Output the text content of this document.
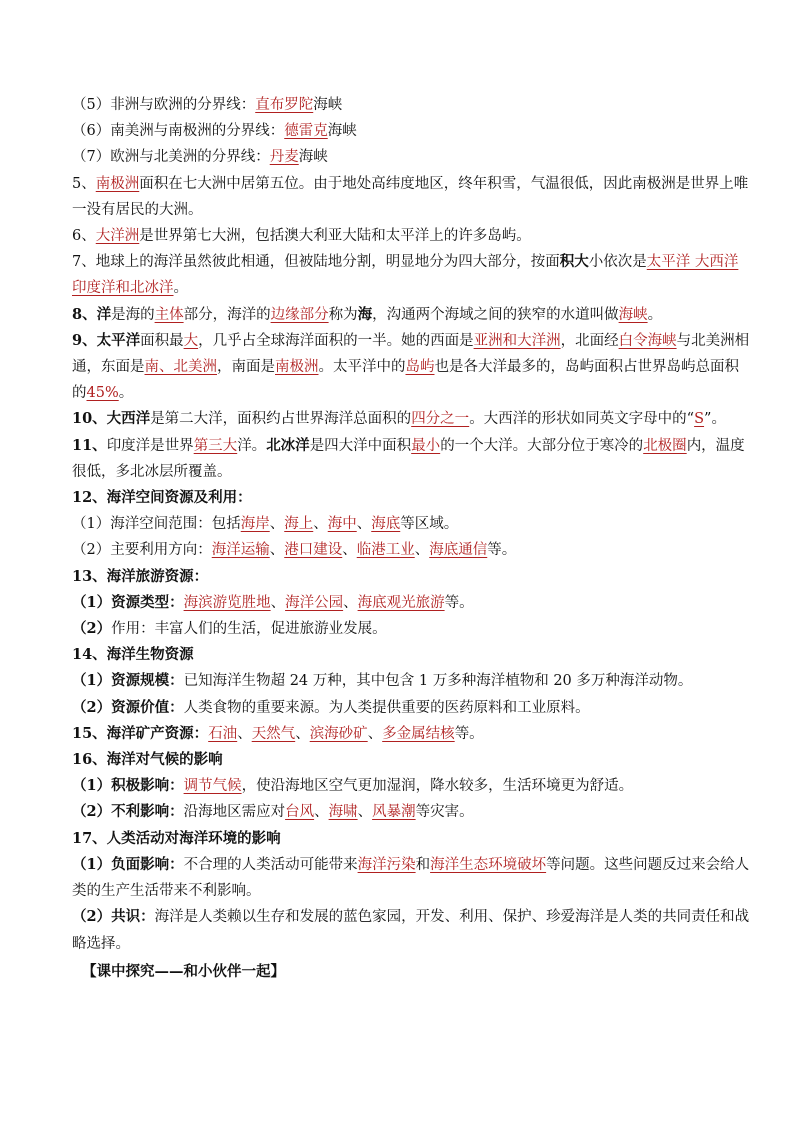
（5）非洲与欧洲的分界线：直布罗陀海峡
（6）南美洲与南极洲的分界线：德雷克海峡
（7）欧洲与北美洲的分界线：丹麦海峡
5、南极洲面积在七大洲中居第五位。由于地处高纬度地区，终年积雪，气温很低，因此南极洲是世界上唯
一没有居民的大洲。
6、大洋洲是世界第七大洲，包括澳大利亚大陆和太平洋上的许多岛屿。
7、地球上的海洋虽然彼此相通，但被陆地分割，明显地分为四大部分，按面积大小依次是太平洋 大西洋
印度洋和北冰洋。
8、洋是海的主体部分，海洋的边缘部分称为海，沟通两个海域之间的狭窄的水道叫做海峡。
9、太平洋面积最大，几乎占全球海洋面积的一半。她的西面是亚洲和大洋洲，北面经白令海峡与北美洲相
通，东面是南、北美洲，南面是南极洲。太平洋中的岛屿也是各大洋最多的，岛屿面积占世界岛屿总面积
的45%。
10、大西洋是第二大洋，面积约占世界海洋总面积的四分之一。大西洋的形状如同英文字母中的“S”。
11、印度洋是世界第三大洋。北冰洋是四大洋中面积最小的一个大洋。大部分位于寒冷的北极圈内，温度
很低，多北冰层所覆盖。
12、海洋空间资源及利用：
（1）海洋空间范围：包括海岸、海上、海中、海底等区域。
（2）主要利用方向：海洋运输、港口建设、临港工业、海底通信等。
13、海洋旅游资源：
（1）资源类型：海滨游览胜地、海洋公园、海底观光旅游等。
（2）作用：丰富人们的生活，促进旅游业发展。
14、海洋生物资源
（1）资源规模：已知海洋生物超 24 万种，其中包含 1 万多种海洋植物和 20 多万种海洋动物。
（2）资源价值：人类食物的重要来源。为人类提供重要的医药原料和工业原料。
15、海洋矿产资源：石油、天然气、滨海砂矿、多金属结核等。
16、海洋对气候的影响
（1）积极影响：调节气候，使沿海地区空气更加湿润，降水较多，生活环境更为舒适。
（2）不利影响：沿海地区需应对台风、海啸、风暴潮等灾害。
17、人类活动对海洋环境的影响
（1）负面影响：不合理的人类活动可能带来海洋污染和海洋生态环境破坏等问题。这些问题反过来会给人
类的生产生活带来不利影响。
（2）共识：海洋是人类赖以生存和发展的蓝色家园，开发、利用、保护、珍爱海洋是人类的共同责任和战
略选择。
【课中探究——和小伙伴一起】
